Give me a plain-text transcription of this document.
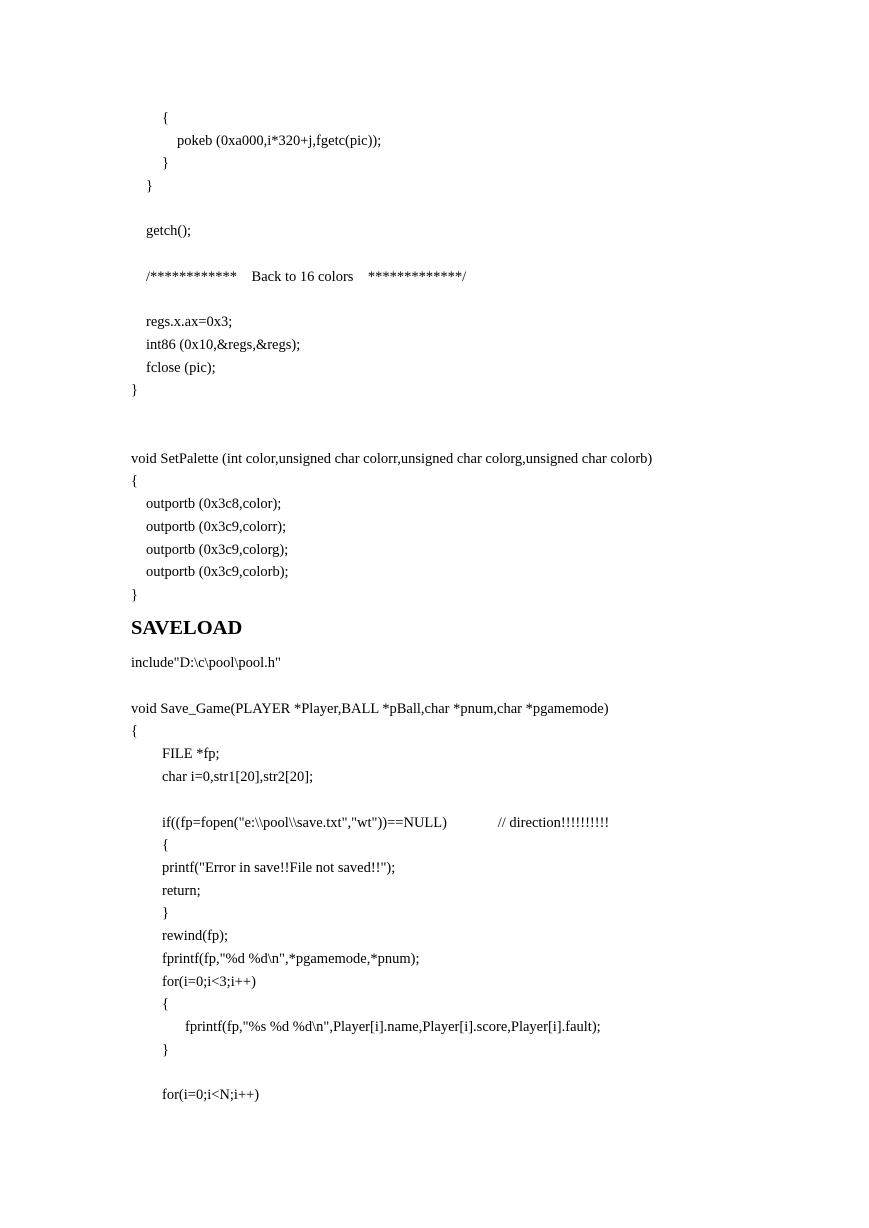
{

pokeb (0xa000,i*320+j,fgetc(pic));

}

}

getch();

/************    Back to 16 colors    *************/

regs.x.ax=0x3;

int86 (0x10,&regs,&regs);

fclose (pic);

}

void SetPalette (int color,unsigned char colorr,unsigned char colorg,unsigned char colorb)

{

outportb (0x3c8,color);

outportb (0x3c9,colorr);

outportb (0x3c9,colorg);

outportb (0x3c9,colorb);

}

SAVELOAD

include"D:\c\pool\pool.h"

void Save_Game(PLAYER *Player,BALL *pBall,char *pnum,char *pgamemode)

{

FILE *fp;

char i=0,str1[20],str2[20];

if((fp=fopen("e:\\pool\\save.txt","wt"))==NULL)              // direction!!!!!!!!!!

{

printf("Error in save!!File not saved!!");

return;

}

rewind(fp);

fprintf(fp,"%d %d\n",*pgamemode,*pnum);

for(i=0;i<3;i++)

{

fprintf(fp,"%s %d %d\n",Player[i].name,Player[i].score,Player[i].fault);

}

for(i=0;i<N;i++)
